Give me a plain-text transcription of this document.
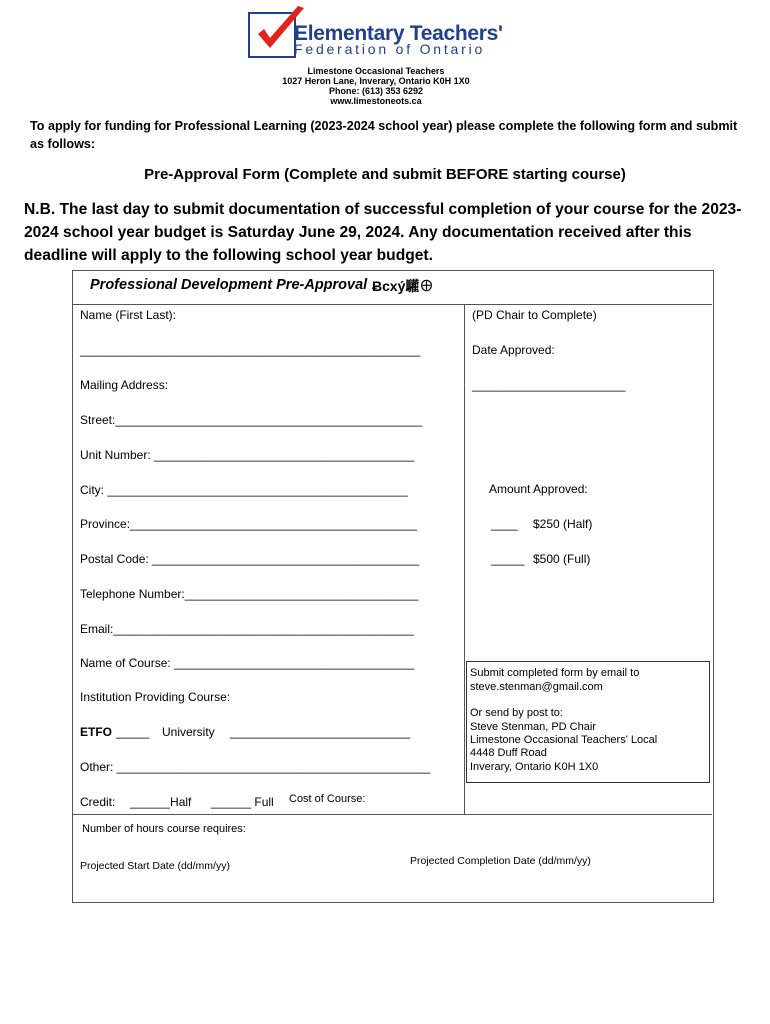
Elementary Teachers'
Federation of Ontario
Limestone Occasional Teachers
1027 Heron Lane, Inverary, Ontario K0H 1X0
Phone: (613) 353 6292
www.limestoneots.ca
To apply for funding for Professional Learning (2023-2024 school year) please complete the following form and submit as follows:
Pre-Approval Form (Complete and submit BEFORE starting course)
N.B. The last day to submit documentation of successful completion of your course for the 2023-2024 school year budget is Saturday June 29, 2024. Any documentation received after this deadline will apply to the following school year budget.
Professional Development Pre-Approval Ƀсху́驩⊕
Name (First Last):
___________________________________________________
Mailing Address:
Street:______________________________________________
Unit Number: _______________________________________
City: _____________________________________________
Province:___________________________________________
Postal Code: ________________________________________
Telephone Number:___________________________________
Email:_____________________________________________
Name of Course: ____________________________________
Institution Providing Course:
ETFO _____ University ___________________________
Other: _______________________________________________
Credit: ______Half ______ Full Cost of Course:
(PD Chair to Complete)
Date Approved:
_______________________
Amount Approved:
____ $250 (Half)
_____ $500 (Full)
Submit completed form by email to
steve.stenman@gmail.com
Or send by post to:
Steve Stenman, PD Chair
Limestone Occasional Teachers' Local
4448 Duff Road
Inverary, Ontario K0H 1X0
Number of hours course requires:
Projected Start Date (dd/mm/yy)	Projected Completion Date (dd/mm/yy)
